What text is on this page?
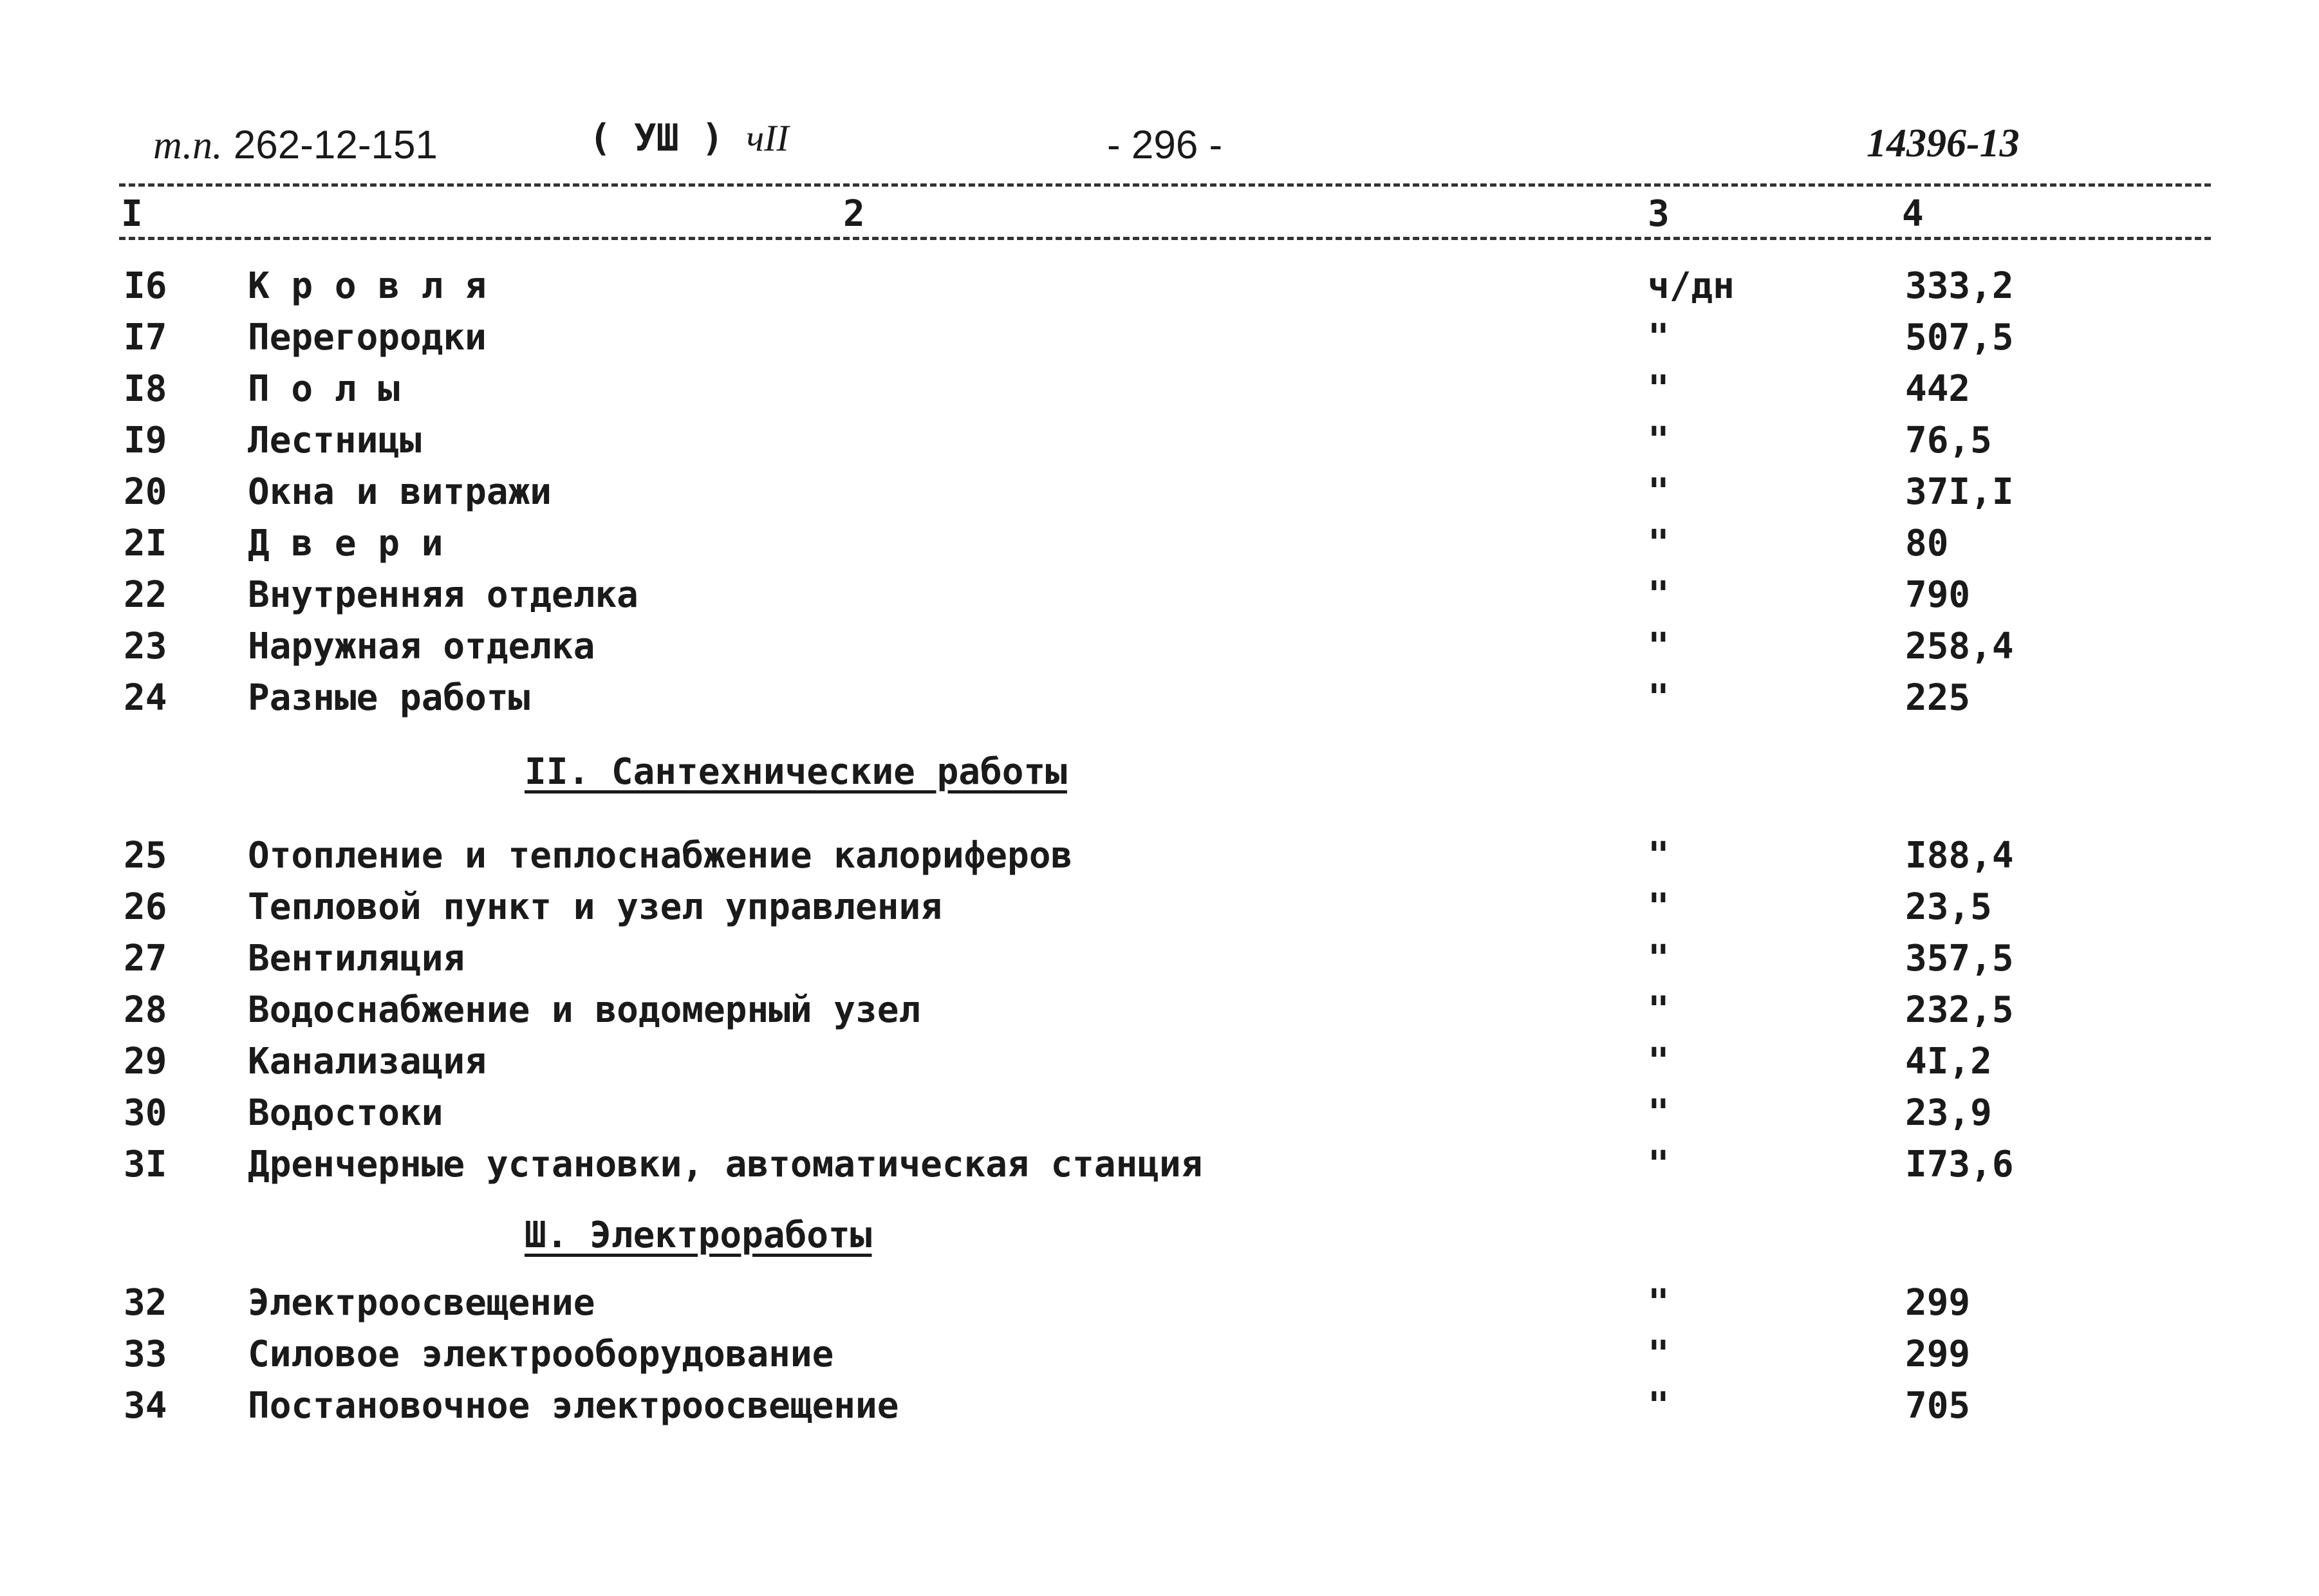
т.п. 262-12-151	( УШ ) чII	- 296 -	14396-13
I	2	3	4
I6 К р о в л я	ч/дн	333,2
I7 Перегородки	"	507,5
I8 П о л ы	"	442
I9 Лестницы	"	76,5
20 Окна и витражи	"	37I,I
2I Д в е р и	"	80
22 Внутренняя отделка	"	790
23 Наружная отделка	"	258,4
24 Разные работы	"	225
II. Сантехнические работы
25 Отопление и теплоснабжение калориферов	"	I88,4
26 Тепловой пункт и узел управления	"	23,5
27 Вентиляция	"	357,5
28 Водоснабжение и водомерный узел	"	232,5
29 Канализация	"	4I,2
30 Водостоки	"	23,9
3I Дренчерные установки, автоматическая станция	"	I73,6
Ш. Электроработы
32 Электроосвещение	"	299
33 Силовое электрооборудование	"	299
34 Постановочное электроосвещение	"	705
